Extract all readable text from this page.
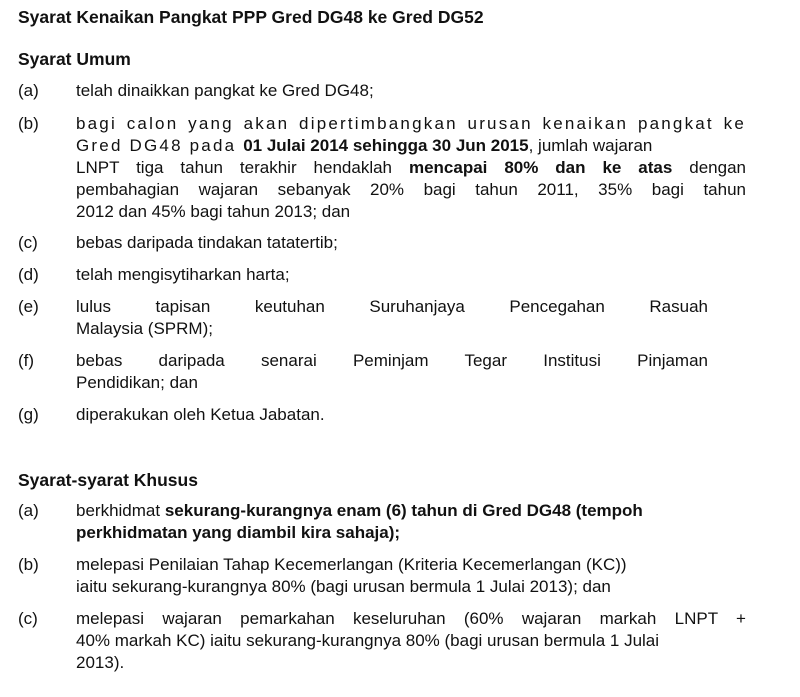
Syarat Kenaikan Pangkat PPP Gred DG48 ke Gred DG52
Syarat Umum
(a)	telah dinaikkan pangkat ke Gred DG48;
(b)	bagi calon yang akan dipertimbangkan urusan kenaikan pangkat ke
Gred DG48 pada 01 Julai 2014 sehingga 30 Jun 2015, jumlah wajaran
LNPT tiga tahun terakhir hendaklah mencapai 80% dan ke atas dengan
pembahagian wajaran sebanyak 20% bagi tahun 2011, 35% bagi tahun
2012 dan 45% bagi tahun 2013; dan
(c)	bebas daripada tindakan tatatertib;
(d)	telah mengisytiharkan harta;
(e)	lulus tapisan keutuhan Suruhanjaya Pencegahan Rasuah
Malaysia (SPRM);
(f)	bebas daripada senarai Peminjam Tegar Institusi Pinjaman
Pendidikan; dan
(g)	diperakukan oleh Ketua Jabatan.
Syarat-syarat Khusus
(a)	berkhidmat sekurang-kurangnya enam (6) tahun di Gred DG48 (tempoh
perkhidmatan yang diambil kira sahaja);
(b)	melepasi Penilaian Tahap Kecemerlangan (Kriteria Kecemerlangan (KC))
iaitu sekurang-kurangnya 80% (bagi urusan bermula 1 Julai 2013); dan
(c)	melepasi wajaran pemarkahan keseluruhan (60% wajaran markah LNPT +
40% markah KC) iaitu sekurang-kurangnya 80% (bagi urusan bermula 1 Julai
2013).
